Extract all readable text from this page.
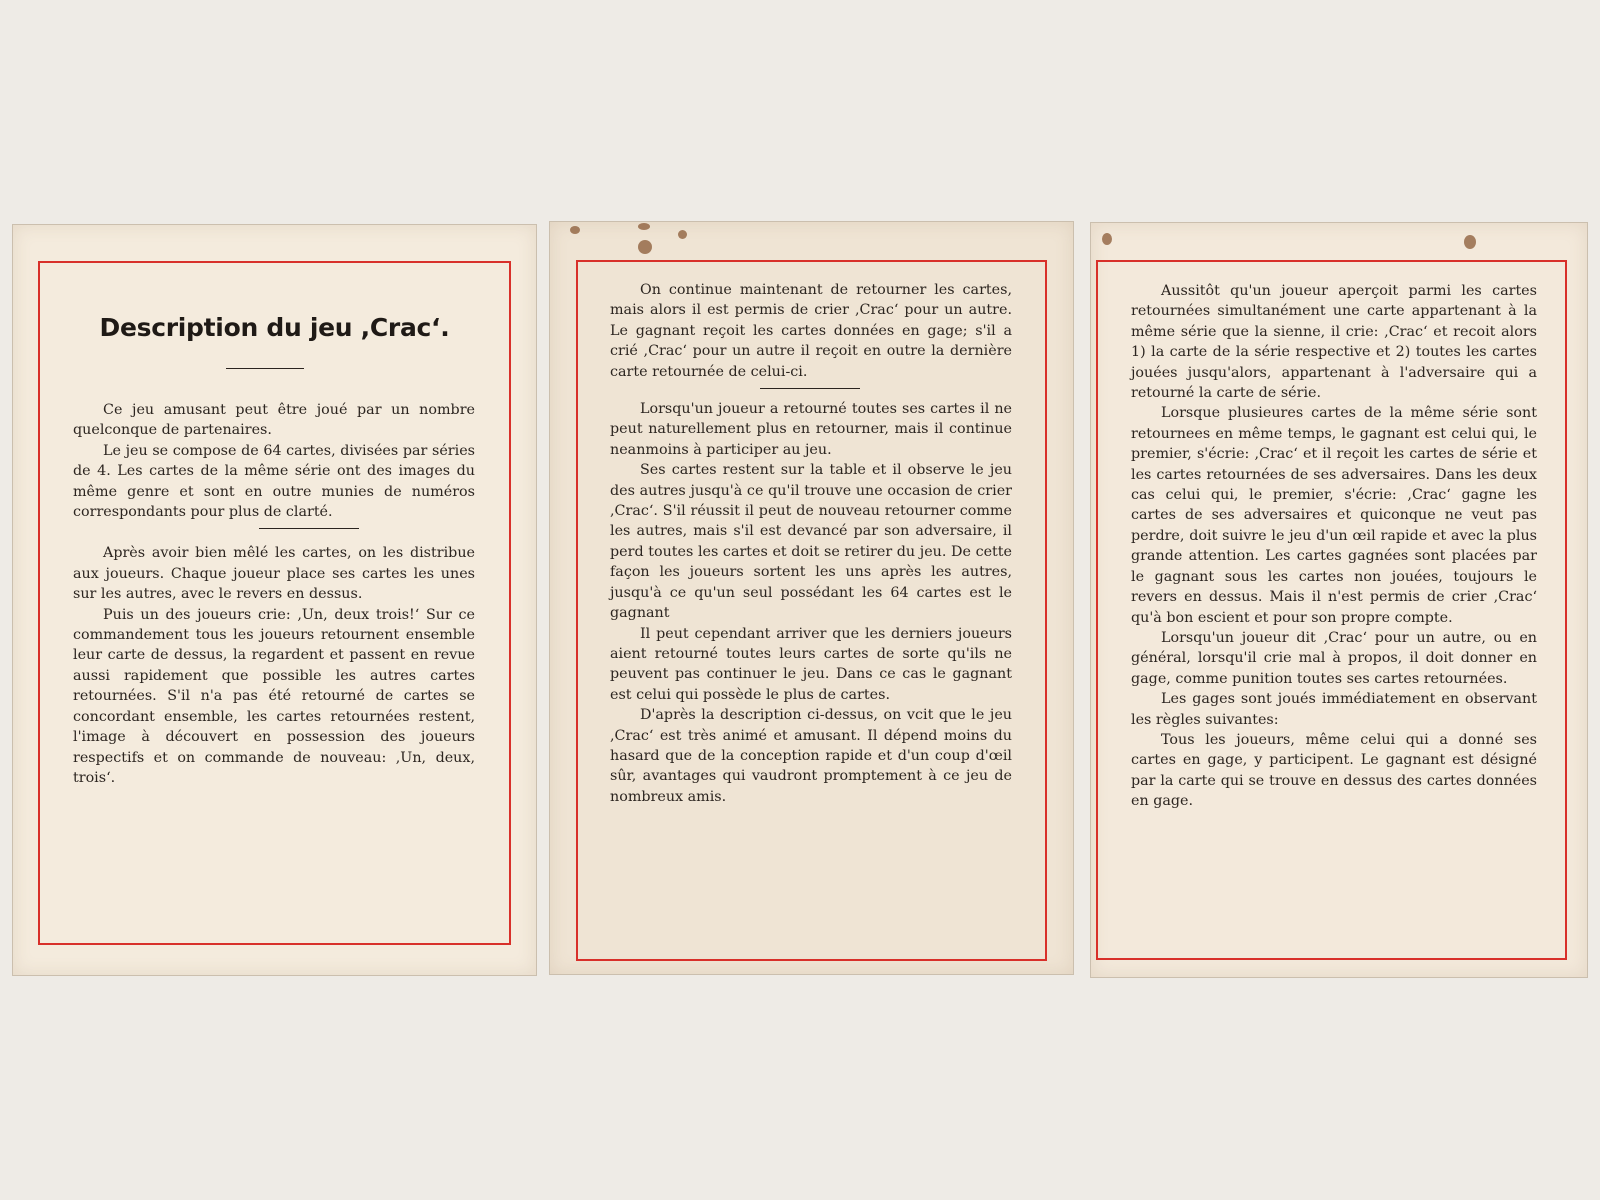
Description du jeu ,Crac‘.

Ce jeu amusant peut être joué par un nombre quelconque de partenaires.

Le jeu se compose de 64 cartes, divisées par séries de 4. Les cartes de la même série ont des images du même genre et sont en outre munies de numéros correspondants pour plus de clarté.

Après avoir bien mêlé les cartes, on les distribue aux joueurs. Chaque joueur place ses cartes les unes sur les autres, avec le revers en dessus.

Puis un des joueurs crie: ,Un, deux trois!‘ Sur ce commandement tous les joueurs retournent ensemble leur carte de dessus, la regardent et passent en revue aussi rapidement que possible les autres cartes retournées. S'il n'a pas été retourné de cartes se concordant ensemble, les cartes retournées restent, l'image à découvert en possession des joueurs respectifs et on commande de nouveau: ,Un, deux, trois‘.

On continue maintenant de retourner les cartes, mais alors il est permis de crier ,Crac‘ pour un autre. Le gagnant reçoit les cartes données en gage; s'il a crié ,Crac‘ pour un autre il reçoit en outre la dernière carte retournée de celui-ci.

Lorsqu'un joueur a retourné toutes ses cartes il ne peut naturellement plus en retourner, mais il continue neanmoins à participer au jeu.

Ses cartes restent sur la table et il observe le jeu des autres jusqu'à ce qu'il trouve une occasion de crier ,Crac‘. S'il réussit il peut de nouveau retourner comme les autres, mais s'il est devancé par son adversaire, il perd toutes les cartes et doit se retirer du jeu. De cette façon les joueurs sortent les uns après les autres, jusqu'à ce qu'un seul possédant les 64 cartes est le gagnant

Il peut cependant arriver que les derniers joueurs aient retourné toutes leurs cartes de sorte qu'ils ne peuvent pas continuer le jeu. Dans ce cas le gagnant est celui qui possède le plus de cartes.

D'après la description ci-dessus, on vcit que le jeu ,Crac‘ est très animé et amusant. Il dépend moins du hasard que de la conception rapide et d'un coup d'œil sûr, avantages qui vaudront promptement à ce jeu de nombreux amis.

Aussitôt qu'un joueur aperçoit parmi les cartes retournées simultanément une carte appartenant à la même série que la sienne, il crie: ,Crac‘ et recoit alors 1) la carte de la série respective et 2) toutes les cartes jouées jusqu'alors, appartenant à l'adversaire qui a retourné la carte de série.

Lorsque plusieures cartes de la même série sont retournees en même temps, le gagnant est celui qui, le premier, s'écrie: ,Crac‘ et il reçoit les cartes de série et les cartes retournées de ses adversaires. Dans les deux cas celui qui, le premier, s'écrie: ,Crac‘ gagne les cartes de ses adversaires et quiconque ne veut pas perdre, doit suivre le jeu d'un œil rapide et avec la plus grande attention. Les cartes gagnées sont placées par le gagnant sous les cartes non jouées, toujours le revers en dessus. Mais il n'est permis de crier ,Crac‘ qu'à bon escient et pour son propre compte.

Lorsqu'un joueur dit ,Crac‘ pour un autre, ou en général, lorsqu'il crie mal à propos, il doit donner en gage, comme punition toutes ses cartes retournées.

Les gages sont joués immédiatement en observant les règles suivantes:

Tous les joueurs, même celui qui a donné ses cartes en gage, y participent. Le gagnant est désigné par la carte qui se trouve en dessus des cartes données en gage.
